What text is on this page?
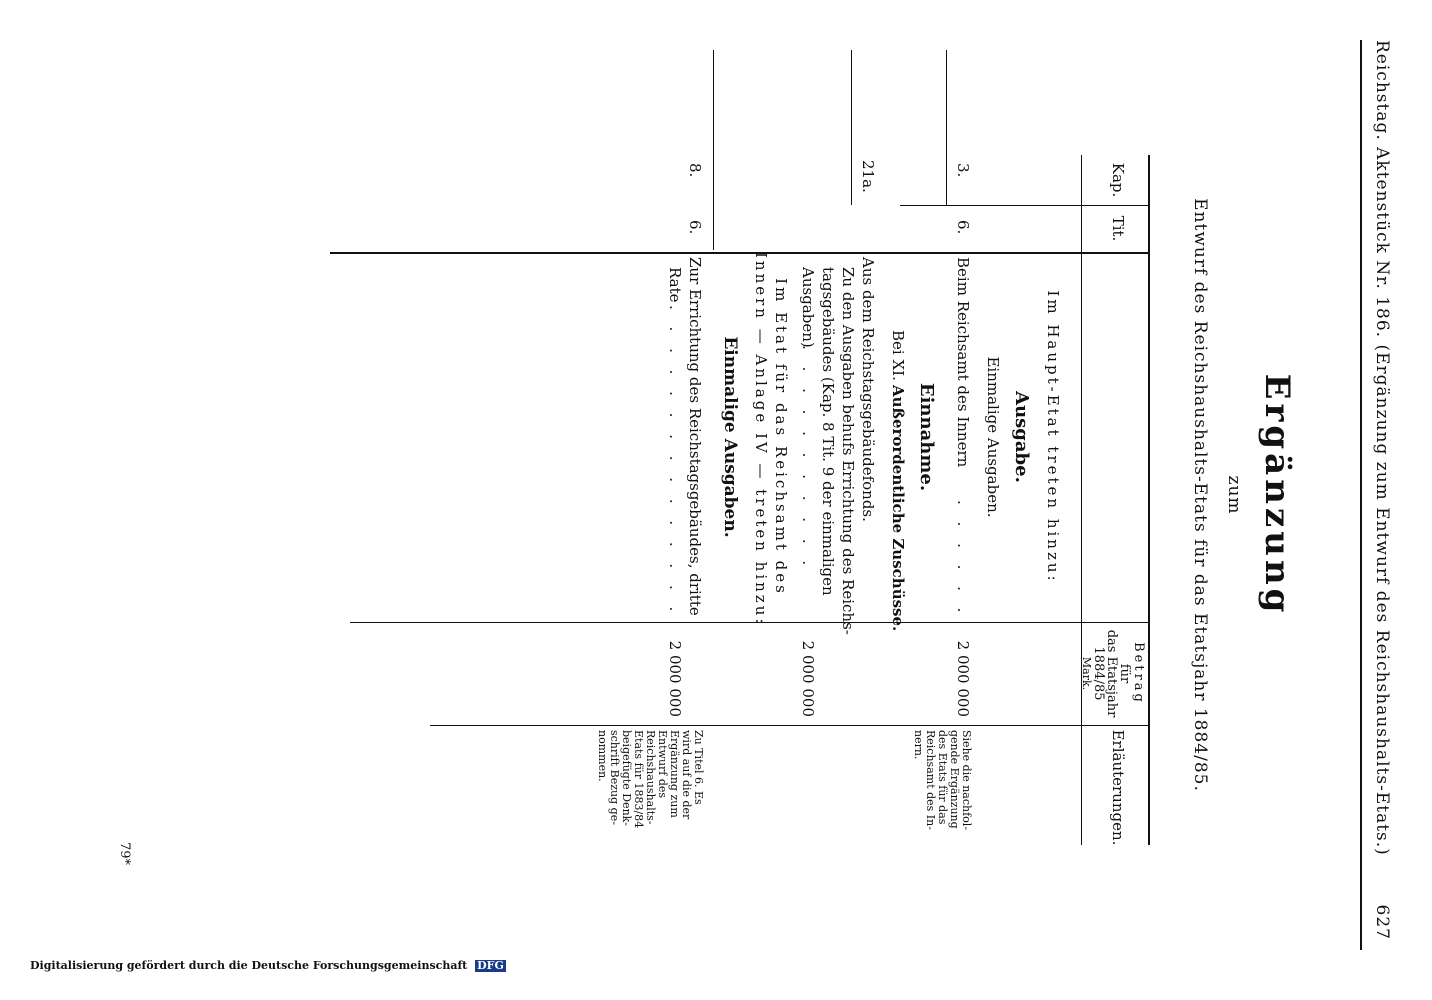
Reichstag. Aktenstück Nr. 186. (Ergänzung zum Entwurf des Reichshaushalts-Etats.)
627
Ergänzung
zum
Entwurf des Reichshaushalts-Etats für das Etatsjahr 1884/85.
Kap.
Tit.
Betrag
für
das Etatsjahr
1884/85
Mark.
Erläuterungen.
Im Haupt-Etat treten hinzu:
Ausgabe.
Einmalige Ausgaben.
3.
6.
Beim Reichsamt des Innern
. . . . . .
2 000 000
Siehe die nachfol-
gende Ergänzung
des Etats für das
Reichsamt des In-
nern.
Einnahme.
Bei XI.
Außerordentliche Zuschüsse.
21a.
Aus dem Reichstagsgebäudefonds.
Zu den Ausgaben behufs Errichtung des Reichs-
tagsgebäudes (Kap. 8 Tit. 9 der einmaligen
Ausgaben)
. . . . . . . . . . .
2 000 000
Im Etat für das Reichsamt des
Innern — Anlage IV — treten hinzu:
Einmalige Ausgaben.
8.
6.
Zur Errichtung des Reichstagsgebäudes, dritte
Rate
. . . . . . . . . . . . . . .
2 000 000
Zu Titel 6. Es
wird auf die der
Ergänzung zum
Entwurf des
Reichshaushalts-
Etats für 1883/84
beigefügte Denk-
schrift Bezug ge-
nommen.
79*
Digitalisierung gefördert durch die Deutsche Forschungsgemeinschaft DFG
